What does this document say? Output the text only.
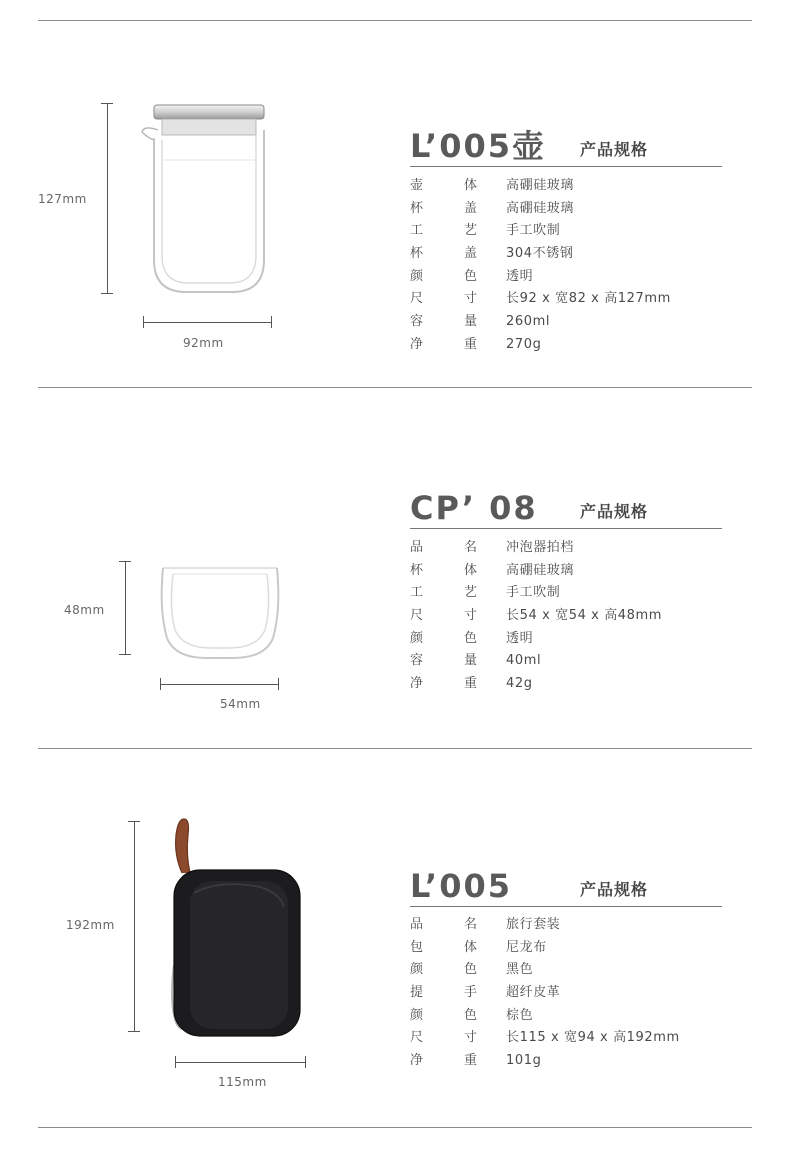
127mm
92mm
L’005壶 产品规格
壶	体 高硼硅玻璃
杯	盖 高硼硅玻璃
工	艺 手工吹制
杯	盖 304不锈钢
颜	色 透明
尺	寸 长92 x 宽82 x 高127mm
容	量 260ml
净	重 270g
48mm
54mm
CP’ 08	产品规格
品	名 冲泡器拍档
杯	体 高硼硅玻璃
工	艺 手工吹制
尺	寸 长54 x 宽54 x 高48mm
颜	色 透明
容	量 40ml
净	重 42g
192mm
115mm
L’005	产品规格
品	名 旅行套装
包	体 尼龙布
颜	色 黑色
提	手 超纤皮革
颜	色 棕色
尺	寸 长115 x 宽94 x 高192mm
净	重 101g
